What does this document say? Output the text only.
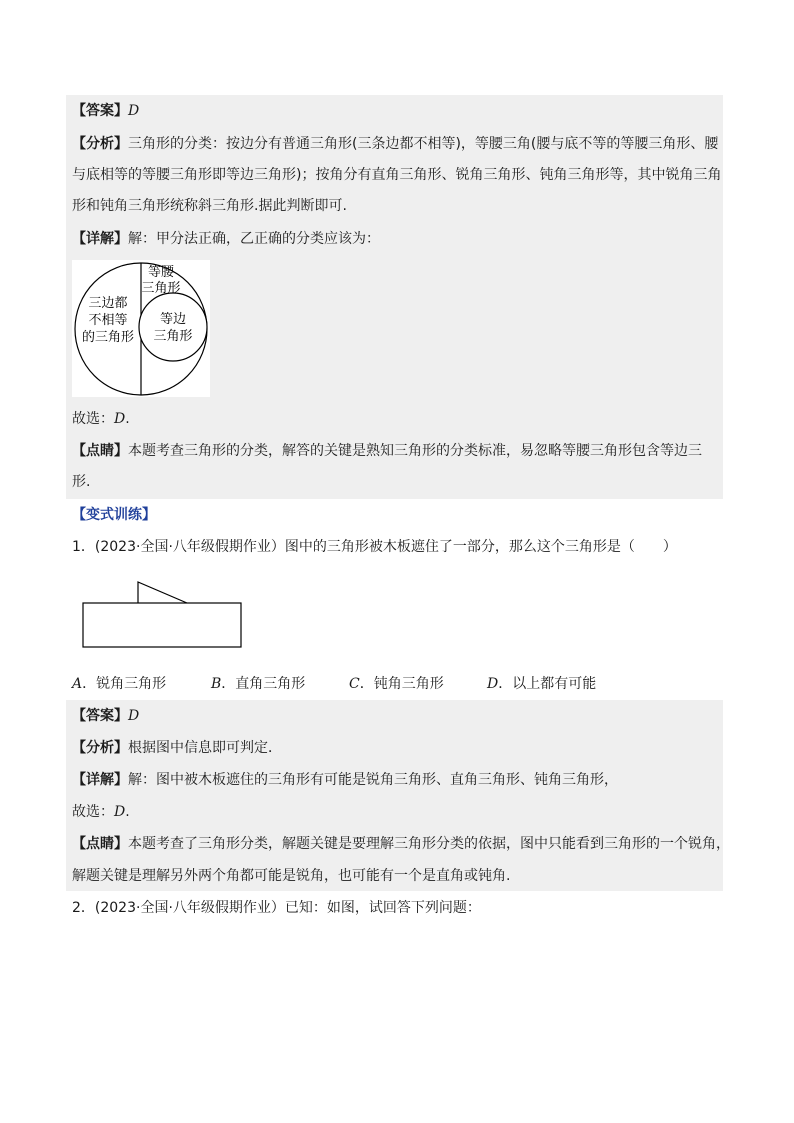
【答案】D
【分析】三角形的分类：按边分有普通三角形(三条边都不相等)，等腰三角(腰与底不等的等腰三角形、腰
与底相等的等腰三角形即等边三角形)；按角分有直角三角形、锐角三角形、钝角三角形等，其中锐角三角
形和钝角三角形统称斜三角形.据此判断即可.
【详解】解：甲分法正确，乙正确的分类应该为：
三边都
不相等
的三角形
等腰
三角形
等边
三角形
故选：D.
【点睛】本题考查三角形的分类，解答的关键是熟知三角形的分类标准，易忽略等腰三角形包含等边三
形.
【变式训练】
1．(2023·全国·八年级假期作业）图中的三角形被木板遮住了一部分，那么这个三角形是（　　）
A．锐角三角形	B．直角三角形	C．钝角三角形	D．以上都有可能
【答案】D
【分析】根据图中信息即可判定．
【详解】解：图中被木板遮住的三角形有可能是锐角三角形、直角三角形、钝角三角形，
故选：D.
【点睛】本题考查了三角形分类，解题关键是要理解三角形分类的依据，图中只能看到三角形的一个锐角，
解题关键是理解另外两个角都可能是锐角，也可能有一个是直角或钝角.
2．(2023·全国·八年级假期作业）已知：如图，试回答下列问题：
